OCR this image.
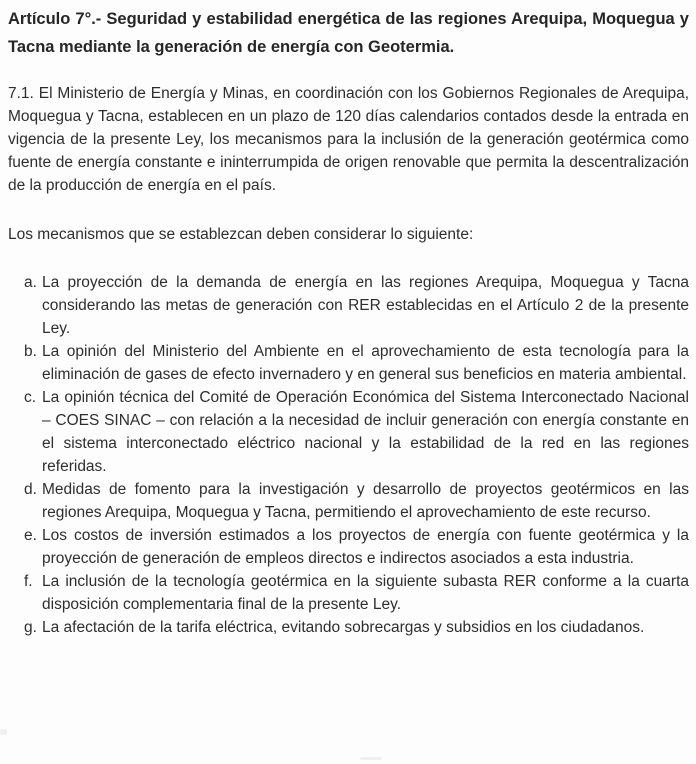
Artículo 7°.- Seguridad y estabilidad energética de las regiones Arequipa, Moquegua y Tacna mediante la generación de energía con Geotermia.
7.1. El Ministerio de Energía y Minas, en coordinación con los Gobiernos Regionales de Arequipa, Moquegua y Tacna, establecen en un plazo de 120 días calendarios contados desde la entrada en vigencia de la presente Ley, los mecanismos para la inclusión de la generación geotérmica como fuente de energía constante e ininterrumpida de origen renovable que permita la descentralización de la producción de energía en el país.
Los mecanismos que se establezcan deben considerar lo siguiente:
a. La proyección de la demanda de energía en las regiones Arequipa, Moquegua y Tacna considerando las metas de generación con RER establecidas en el Artículo 2 de la presente Ley.
b. La opinión del Ministerio del Ambiente en el aprovechamiento de esta tecnología para la eliminación de gases de efecto invernadero y en general sus beneficios en materia ambiental.
c. La opinión técnica del Comité de Operación Económica del Sistema Interconectado Nacional – COES SINAC – con relación a la necesidad de incluir generación con energía constante en el sistema interconectado eléctrico nacional y la estabilidad de la red en las regiones referidas.
d. Medidas de fomento para la investigación y desarrollo de proyectos geotérmicos en las regiones Arequipa, Moquegua y Tacna, permitiendo el aprovechamiento de este recurso.
e. Los costos de inversión estimados a los proyectos de energía con fuente geotérmica y la proyección de generación de empleos directos e indirectos asociados a esta industria.
f. La inclusión de la tecnología geotérmica en la siguiente subasta RER conforme a la cuarta disposición complementaria final de la presente Ley.
g. La afectación de la tarifa eléctrica, evitando sobrecargas y subsidios en los ciudadanos.
